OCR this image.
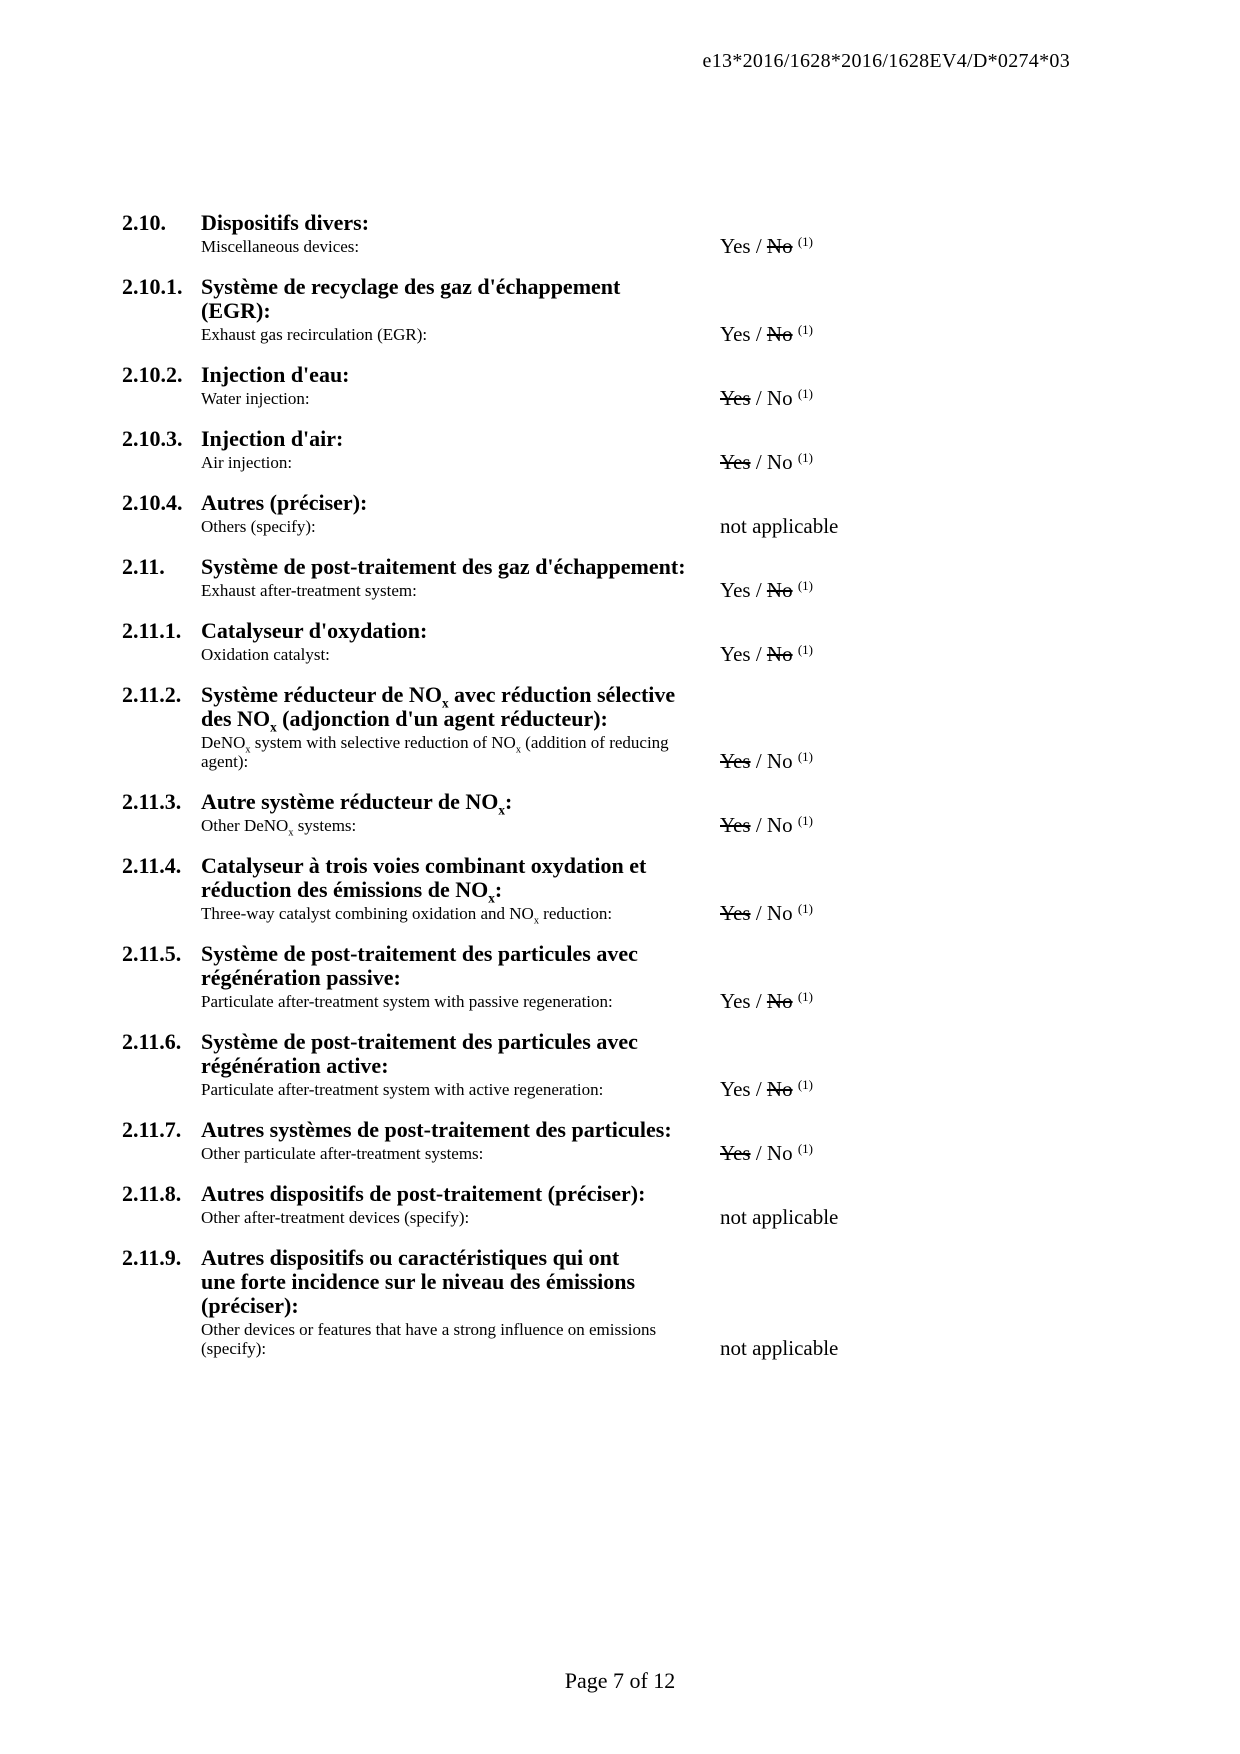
e13*2016/1628*2016/1628EV4/D*0274*03
2.10.	Dispositifs divers:
Miscellaneous devices:	Yes / No $^{(1)}$
2.10.1. Système de recyclage des gaz d'échappement
(EGR):
Exhaust gas recirculation (EGR):	Yes / No $^{(1)}$
2.10.2. Injection d'eau:
Water injection:	Yes / No $^{(1)}$
2.10.3. Injection d'air:
Air injection:	Yes / No $^{(1)}$
2.10.4. Autres (préciser):
Others (specify):	not applicable
2.11.	Système de post-traitement des gaz d'échappement:
Exhaust after-treatment system:	Yes / No $^{(1)}$
2.11.1. Catalyseur d'oxydation:
Oxidation catalyst:	Yes / No $^{(1)}$
2.11.2. Système réducteur de $NO_x$ avec réduction sélective
des $NO_x$ (adjonction d'un agent réducteur):
DeNO$_x$ system with selective reduction of $NO_x$ (addition of reducing
agent):	Yes / No $^{(1)}$
2.11.3. Autre système réducteur de $NO_x$:
Other DeNO$_x$ systems:	Yes / No $^{(1)}$
2.11.4. Catalyseur à trois voies combinant oxydation et
réduction des émissions de $NO_x$:
Three-way catalyst combining oxidation and $NO_x$ reduction:	Yes / No $^{(1)}$
2.11.5. Système de post-traitement des particules avec
régénération passive:
Particulate after-treatment system with passive regeneration:	Yes / No $^{(1)}$
2.11.6. Système de post-traitement des particules avec
régénération active:
Particulate after-treatment system with active regeneration:	Yes / No $^{(1)}$
2.11.7. Autres systèmes de post-traitement des particules:
Other particulate after-treatment systems:	Yes / No $^{(1)}$
2.11.8. Autres dispositifs de post-traitement (préciser):
Other after-treatment devices (specify):	not applicable
2.11.9. Autres dispositifs ou caractéristiques qui ont
une forte incidence sur le niveau des émissions
(préciser):
Other devices or features that have a strong influence on emissions
(specify):	not applicable
Page 7 of 12
